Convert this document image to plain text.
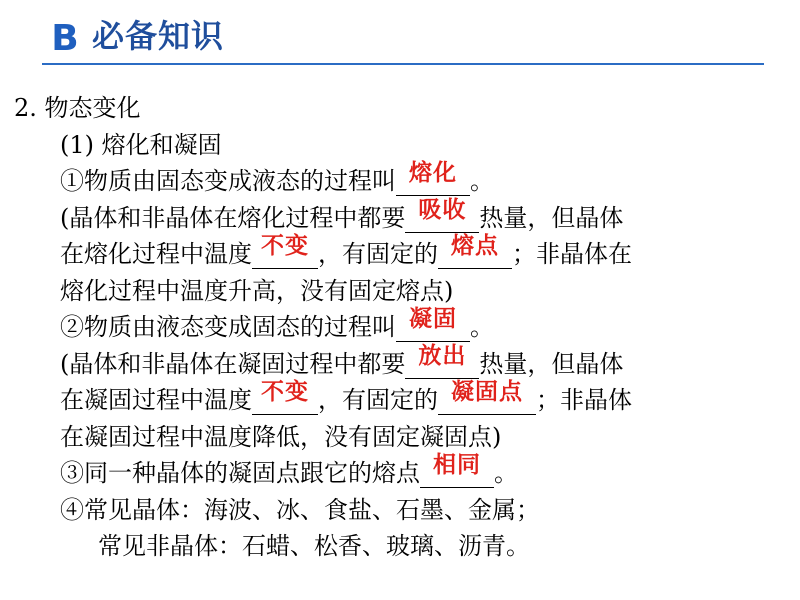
B 必备知识
2. 物态变化
(1) 熔化和凝固
①物质由固态变成液态的过程叫 熔化 。
(晶体和非晶体在熔化过程中都要 吸收 热量，但晶体
在熔化过程中温度 不变 ，有固定的 熔点 ；非晶体在
熔化过程中温度升高，没有固定熔点)
②物质由液态变成固态的过程叫 凝固 。
(晶体和非晶体在凝固过程中都要 放出 热量，但晶体
在凝固过程中温度 不变 ，有固定的 凝固点 ；非晶体
在凝固过程中温度降低，没有固定凝固点)
③同一种晶体的凝固点跟它的熔点 相同 。
④常见晶体：海波、冰、食盐、石墨、金属；
常见非晶体：石蜡、松香、玻璃、沥青。
